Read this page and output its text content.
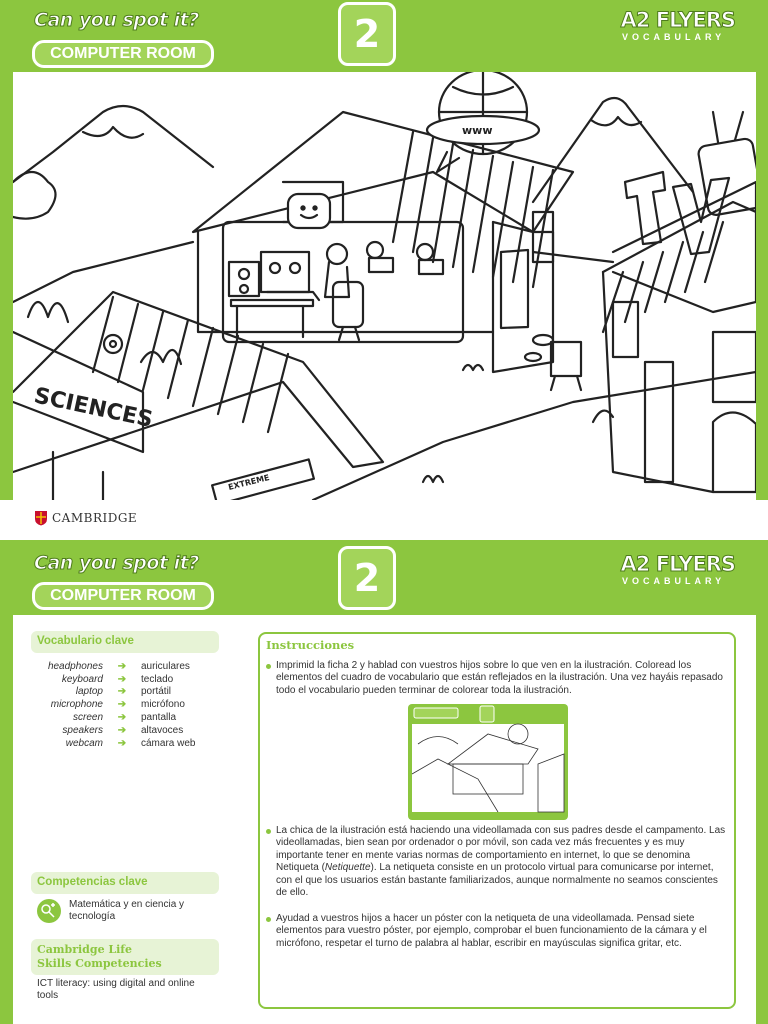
Can you spot it?
COMPUTER ROOM	2	A2 FLYERS
VOCABULARY
SCIENCES
www
EXTREME
CAMBRIDGE
Can you spot it?
COMPUTER ROOM	2	A2 FLYERS
VOCABULARY
Vocabulario clave
headphones	➔	auriculares
keyboard	➔	teclado
laptop	➔	portátil
microphone	➔	micrófono
screen	➔	pantalla
speakers	➔	altavoces
webcam	➔	cámara web
Competencias clave
Matemática y en ciencia y tecnología
Cambridge Life
Skills Competencies
ICT literacy: using digital and online tools
Instrucciones
Imprimid la ficha 2 y hablad con vuestros hijos sobre lo que ven en la ilustración. Coloread los elementos del cuadro de vocabulario que están reflejados en la ilustración. Una vez hayáis repasado todo el vocabulario pueden terminar de colorear toda la ilustración.
La chica de la ilustración está haciendo una videollamada con sus padres desde el campamento. Las videollamadas, bien sean por ordenador o por móvil, son cada vez más frecuentes y es muy importante tener en mente varias normas de comportamiento en internet, lo que se denomina Netiqueta (Netiquette). La netiqueta consiste en un protocolo virtual para comunicarse por internet, con el que los usuarios están bastante familiarizados, aunque normalmente no seamos conscientes de ello.
Ayudad a vuestros hijos a hacer un póster con la netiqueta de una videollamada. Pensad siete elementos para vuestro póster, por ejemplo, comprobar el buen funcionamiento de la cámara y el micrófono, respetar el turno de palabra al hablar, escribir en mayúsculas significa gritar, etc.
